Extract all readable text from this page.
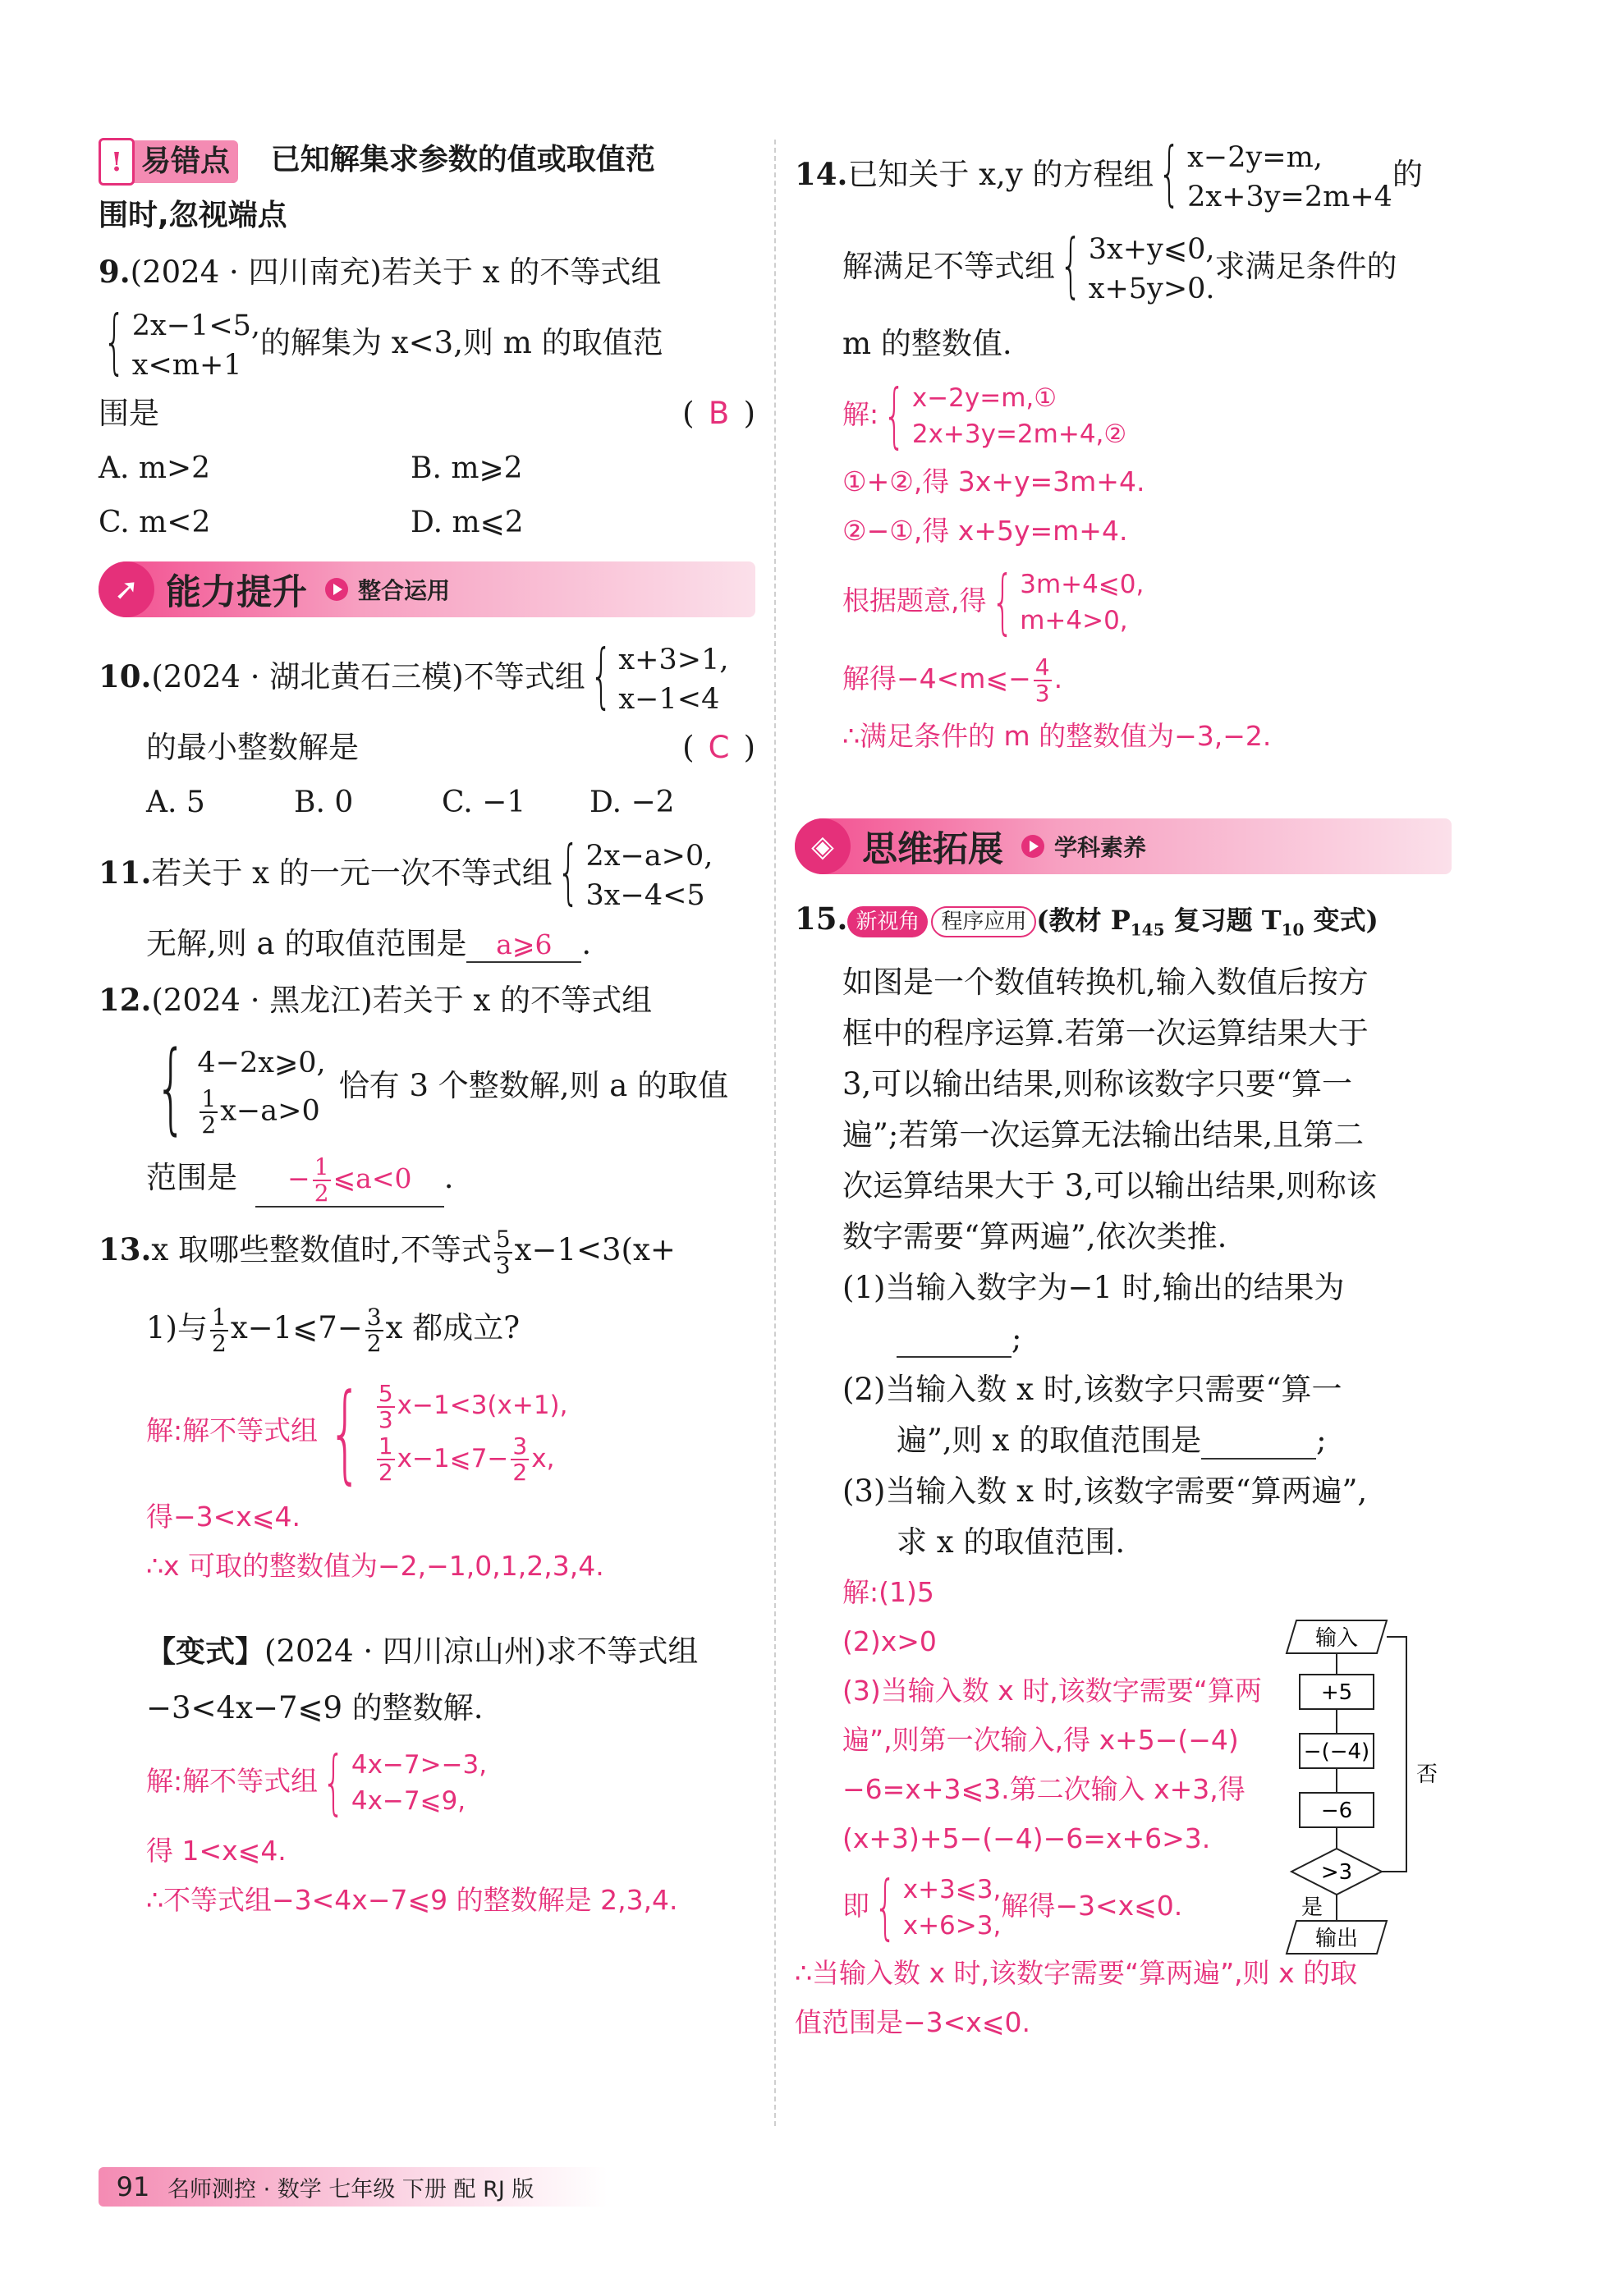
! 易错点 已知解集求参数的值或取值范
围时,忽视端点
9.(2024 · 四川南充)若关于 x 的不等式组
{ 2x−1<5,
x<m+1
的解集为 x<3,则 m 的取值范
围是	( B )
A. m>2	B. m⩾2
C. m<2	D. m⩽2
➚ 能力提升 整合运用
10.(2024 · 湖北黄石三模)不等式组 { x+3>1,
x−1<4
的最小整数解是	( C )
A. 5	B. 0	C. −1	D. −2
11.若关于 x 的一元一次不等式组 { 2x−a>0,
3x−4<5
无解,则 a 的取值范围是 a⩾6 .
12.(2024 · 黑龙江)若关于 x 的不等式组
{ 4−2x⩾0,
$\frac{1}{2} x-a>0$
恰有 3 个整数解,则 a 的取值
范围是 − $\frac{1}{2}$ ⩽a<0 .
13.x 取哪些整数值时,不等式 $\frac{5}{3} x-1<3(x+$
1)与 $\frac{1}{2}$ x−1⩽7− $\frac{3}{2}$ x 都成立?
解:解不等式组 { $\frac{5}{3} x-1<3(x+1)$,
$\frac{1}{2}$ x−1⩽7− $\frac{3}{2} x$,
得−3<x⩽4.
∴x 可取的整数值为−2,−1,0,1,2,3,4.
【变式】(2024 · 四川凉山州)求不等式组
−3<4x−7⩽9 的整数解.
解:解不等式组 { 4x−7>−3,
4x−7⩽9,
得 1<x⩽4.
∴不等式组−3<4x−7⩽9 的整数解是 2,3,4.
14.已知关于 x,y 的方程组 { x−2y=m,
2x+3y=2m+4
的
解满足不等式组 { 3x+y⩽0,
x+5y>0.
求满足条件的
m 的整数值.
解: { x−2y=m,①
2x+3y=2m+4,②
①+②,得 3x+y=3m+4.
②−①,得 x+5y=m+4.
根据题意,得 { 3m+4⩽0,
m+4>0,
解得−4<m⩽− $\frac{4}{3}$ .
∴满足条件的 m 的整数值为−3,−2.
◈ 思维拓展 学科素养
15. 新视角 程序应用 (教材 $P_{145}$ 复习题 $T_{10}$ 变式)
如图是一个数值转换机,输入数值后按方
框中的程序运算.若第一次运算结果大于
3,可以输出结果,则称该数字只要“算一
遍”;若第一次运算无法输出结果,且第二
次运算结果大于 3,可以输出结果,则称该
数字需要“算两遍”,依次类推.
(1)当输入数字为−1 时,输出的结果为
;
(2)当输入数 x 时,该数字只需要“算一
遍”,则 x 的取值范围是	;
(3)当输入数 x 时,该数字需要“算两遍”,
求 x 的取值范围.
解:(1)5
(2)x>0
(3)当输入数 x 时,该数字需要“算两
遍”,则第一次输入,得 x+5−(−4)
−6=x+3⩽3.第二次输入 x+3,得
(x+3)+5−(−4)−6=x+6>3.
即 { x+3⩽3,
x+6>3,
解得−3<x⩽0.
∴当输入数 x 时,该数字需要“算两遍”,则 x 的取
值范围是−3<x⩽0.
输入
+5
−(−4)
−6
>3
否
是
输出
91 名师测控 · 数学 七年级 下册 配 RJ 版
